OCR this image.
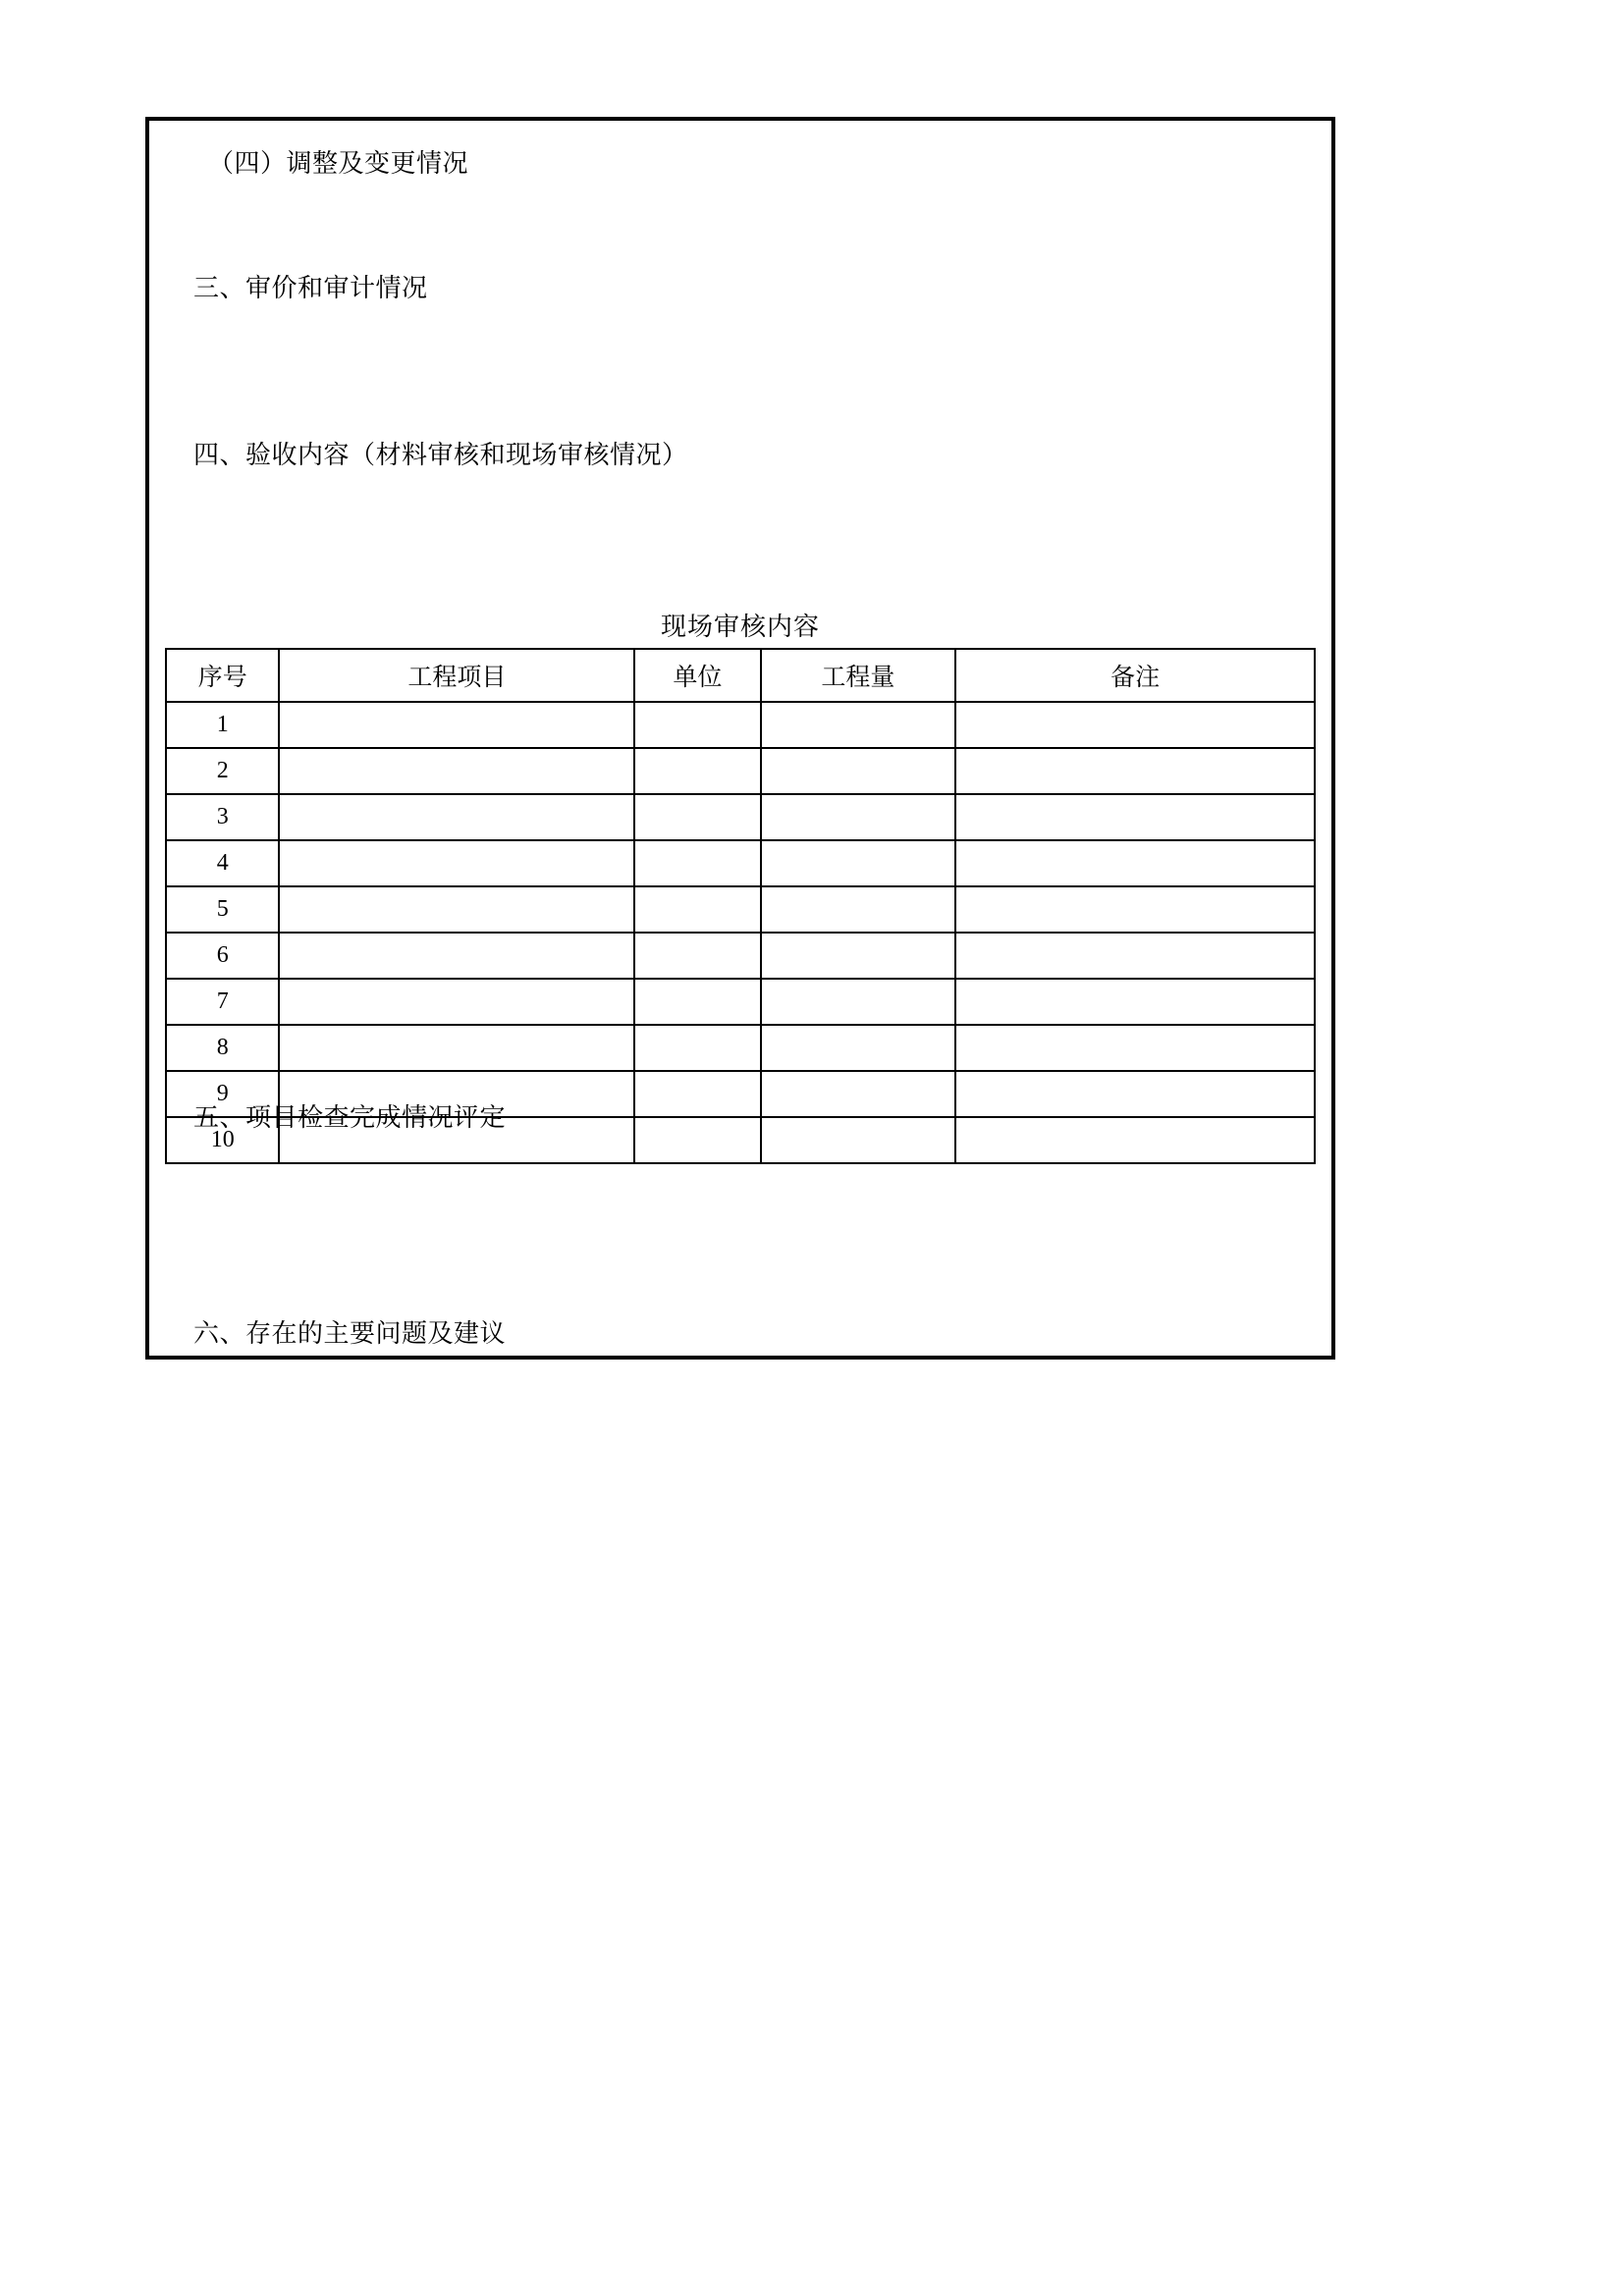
（四）调整及变更情况
三、审价和审计情况
四、验收内容（材料审核和现场审核情况）
现场审核内容
序号	工程项目	单位	工程量	备注
1				
2				
3				
4				
5				
6				
7				
8				
9				
10				
五、项目检查完成情况评定
六、存在的主要问题及建议
